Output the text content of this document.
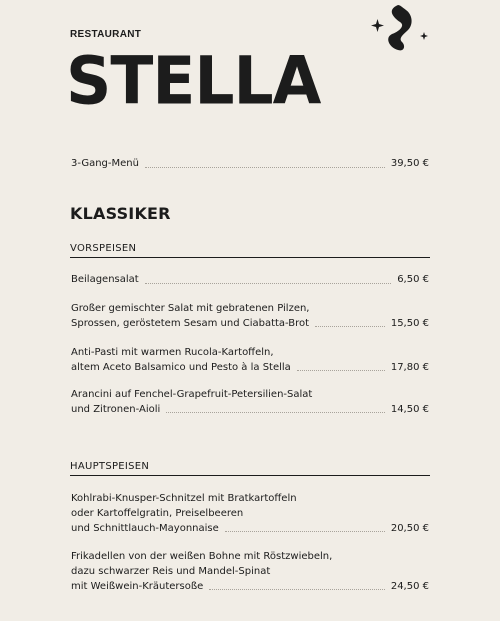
RESTAURANT
STELLA
3-Gang-Menü	39,50 €
KLASSIKER
VORSPEISEN
Beilagensalat	6,50 €
Großer gemischter Salat mit gebratenen Pilzen,
Sprossen, geröstetem Sesam und Ciabatta-Brot	15,50 €
Anti-Pasti mit warmen Rucola-Kartoffeln,
altem Aceto Balsamico und Pesto à la Stella	17,80 €
Arancini auf Fenchel-Grapefruit-Petersilien-Salat
und Zitronen-Aioli	14,50 €
HAUPTSPEISEN
Kohlrabi-Knusper-Schnitzel mit Bratkartoffeln
oder Kartoffelgratin, Preiselbeeren
und Schnittlauch-Mayonnaise	20,50 €
Frikadellen von der weißen Bohne mit Röstzwiebeln,
dazu schwarzer Reis und Mandel-Spinat
mit Weißwein-Kräutersoße	24,50 €
